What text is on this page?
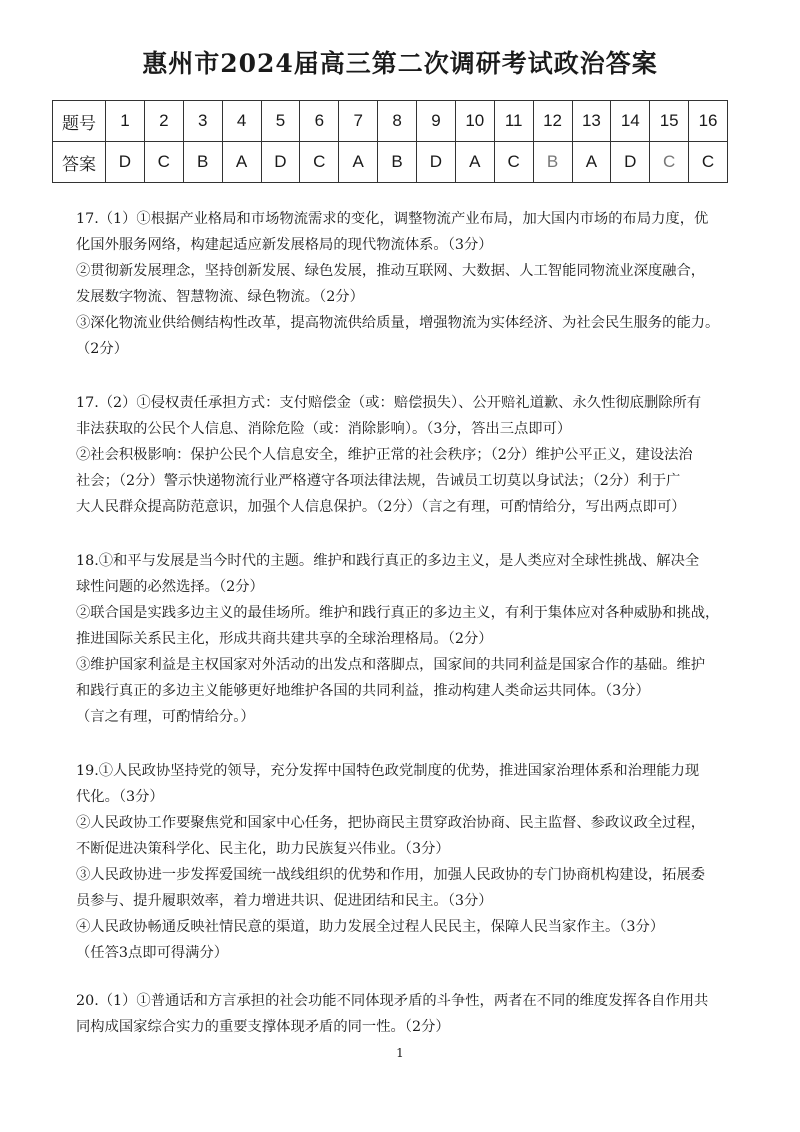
惠州市2024届高三第二次调研考试政治答案
题号	1	2	3	4	5	6	7	8	9	10	11	12	13	14	15	16
答案	D	C	B	A	D	C	A	B	D	A	C	B	A	D	C	C

17.（1）①根据产业格局和市场物流需求的变化，调整物流产业布局，加大国内市场的布局力度，优

化国外服务网络，构建起适应新发展格局的现代物流体系。（3分）

②贯彻新发展理念，坚持创新发展、绿色发展，推动互联网、大数据、人工智能同物流业深度融合，

发展数字物流、智慧物流、绿色物流。（2分）

③深化物流业供给侧结构性改革，提高物流供给质量，增强物流为实体经济、为社会民生服务的能力。

（2分）

17.（2）①侵权责任承担方式：支付赔偿金（或：赔偿损失）、公开赔礼道歉、永久性彻底删除所有

非法获取的公民个人信息、消除危险（或：消除影响）。（3分，答出三点即可）

②社会积极影响：保护公民个人信息安全，维护正常的社会秩序；（2分）维护公平正义，建设法治

社会；（2分）警示快递物流行业严格遵守各项法律法规，告诫员工切莫以身试法；（2分）利于广

大人民群众提高防范意识，加强个人信息保护。（2分）（言之有理，可酌情给分，写出两点即可）

18.①和平与发展是当今时代的主题。维护和践行真正的多边主义，是人类应对全球性挑战、解决全

球性问题的必然选择。（2分）

②联合国是实践多边主义的最佳场所。维护和践行真正的多边主义，有利于集体应对各种威胁和挑战，

推进国际关系民主化，形成共商共建共享的全球治理格局。（2分）

③维护国家利益是主权国家对外活动的出发点和落脚点，国家间的共同利益是国家合作的基础。维护

和践行真正的多边主义能够更好地维护各国的共同利益，推动构建人类命运共同体。（3分）

（言之有理，可酌情给分。）

19.①人民政协坚持党的领导，充分发挥中国特色政党制度的优势，推进国家治理体系和治理能力现

代化。（3分）

②人民政协工作要聚焦党和国家中心任务，把协商民主贯穿政治协商、民主监督、参政议政全过程，

不断促进决策科学化、民主化，助力民族复兴伟业。（3分）

③人民政协进一步发挥爱国统一战线组织的优势和作用，加强人民政协的专门协商机构建设，拓展委

员参与、提升履职效率，着力增进共识、促进团结和民主。（3分）

④人民政协畅通反映社情民意的渠道，助力发展全过程人民民主，保障人民当家作主。（3分）

（任答3点即可得满分）

20.（1）①普通话和方言承担的社会功能不同体现矛盾的斗争性，两者在不同的维度发挥各自作用共

同构成国家综合实力的重要支撑体现矛盾的同一性。（2分）

1
